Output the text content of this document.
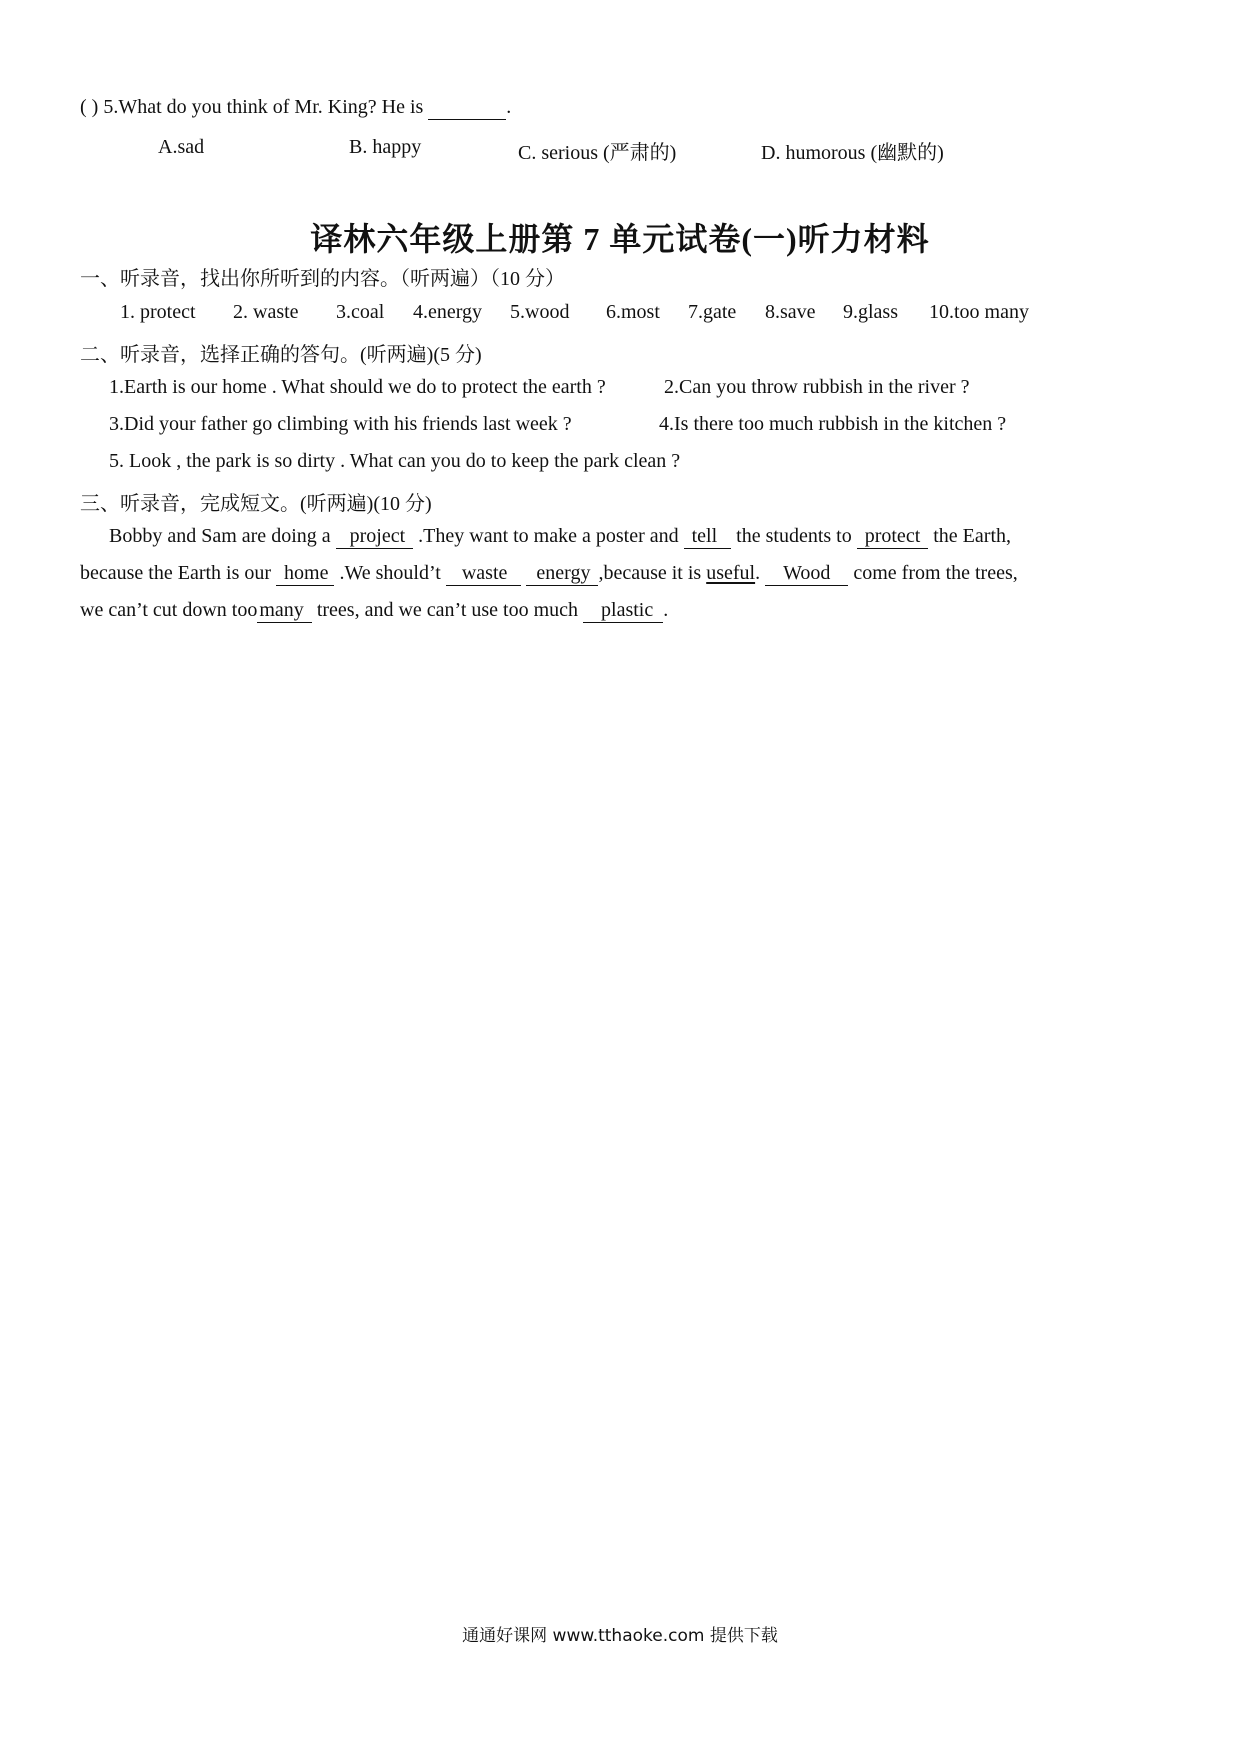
( ) 5.What do you think of Mr. King? He is	.
A.sad	B. happy	C. serious (严肃的)	D. humorous (幽默的)
译林六年级上册第 7 单元试卷(一)听力材料
一、听录音，找出你所听到的内容。（听两遍）（10 分）
1. protect 2. waste 3.coal 4.energy 5.wood 6.most 7.gate 8.save 9.glass 10.too many
二、听录音，选择正确的答句。(听两遍)(5 分)
1.Earth is our home . What should we do to protect the earth ?	2.Can you throw rubbish in the river ?
3.Did your father go climbing with his friends last week ?	4.Is there too much rubbish in the kitchen ?
5. Look , the park is so dirty . What can you do to keep the park clean ?
三、听录音，完成短文。(听两遍)(10 分)
Bobby and Sam are doing a project .They want to make a poster and tell the students to protect the Earth,
because the Earth is our home .We should’t waste energy ,because it is useful. Wood come from the trees,
we can’t cut down too many trees, and we can’t use too much plastic .
通通好课网 www.tthaoke.com 提供下载
